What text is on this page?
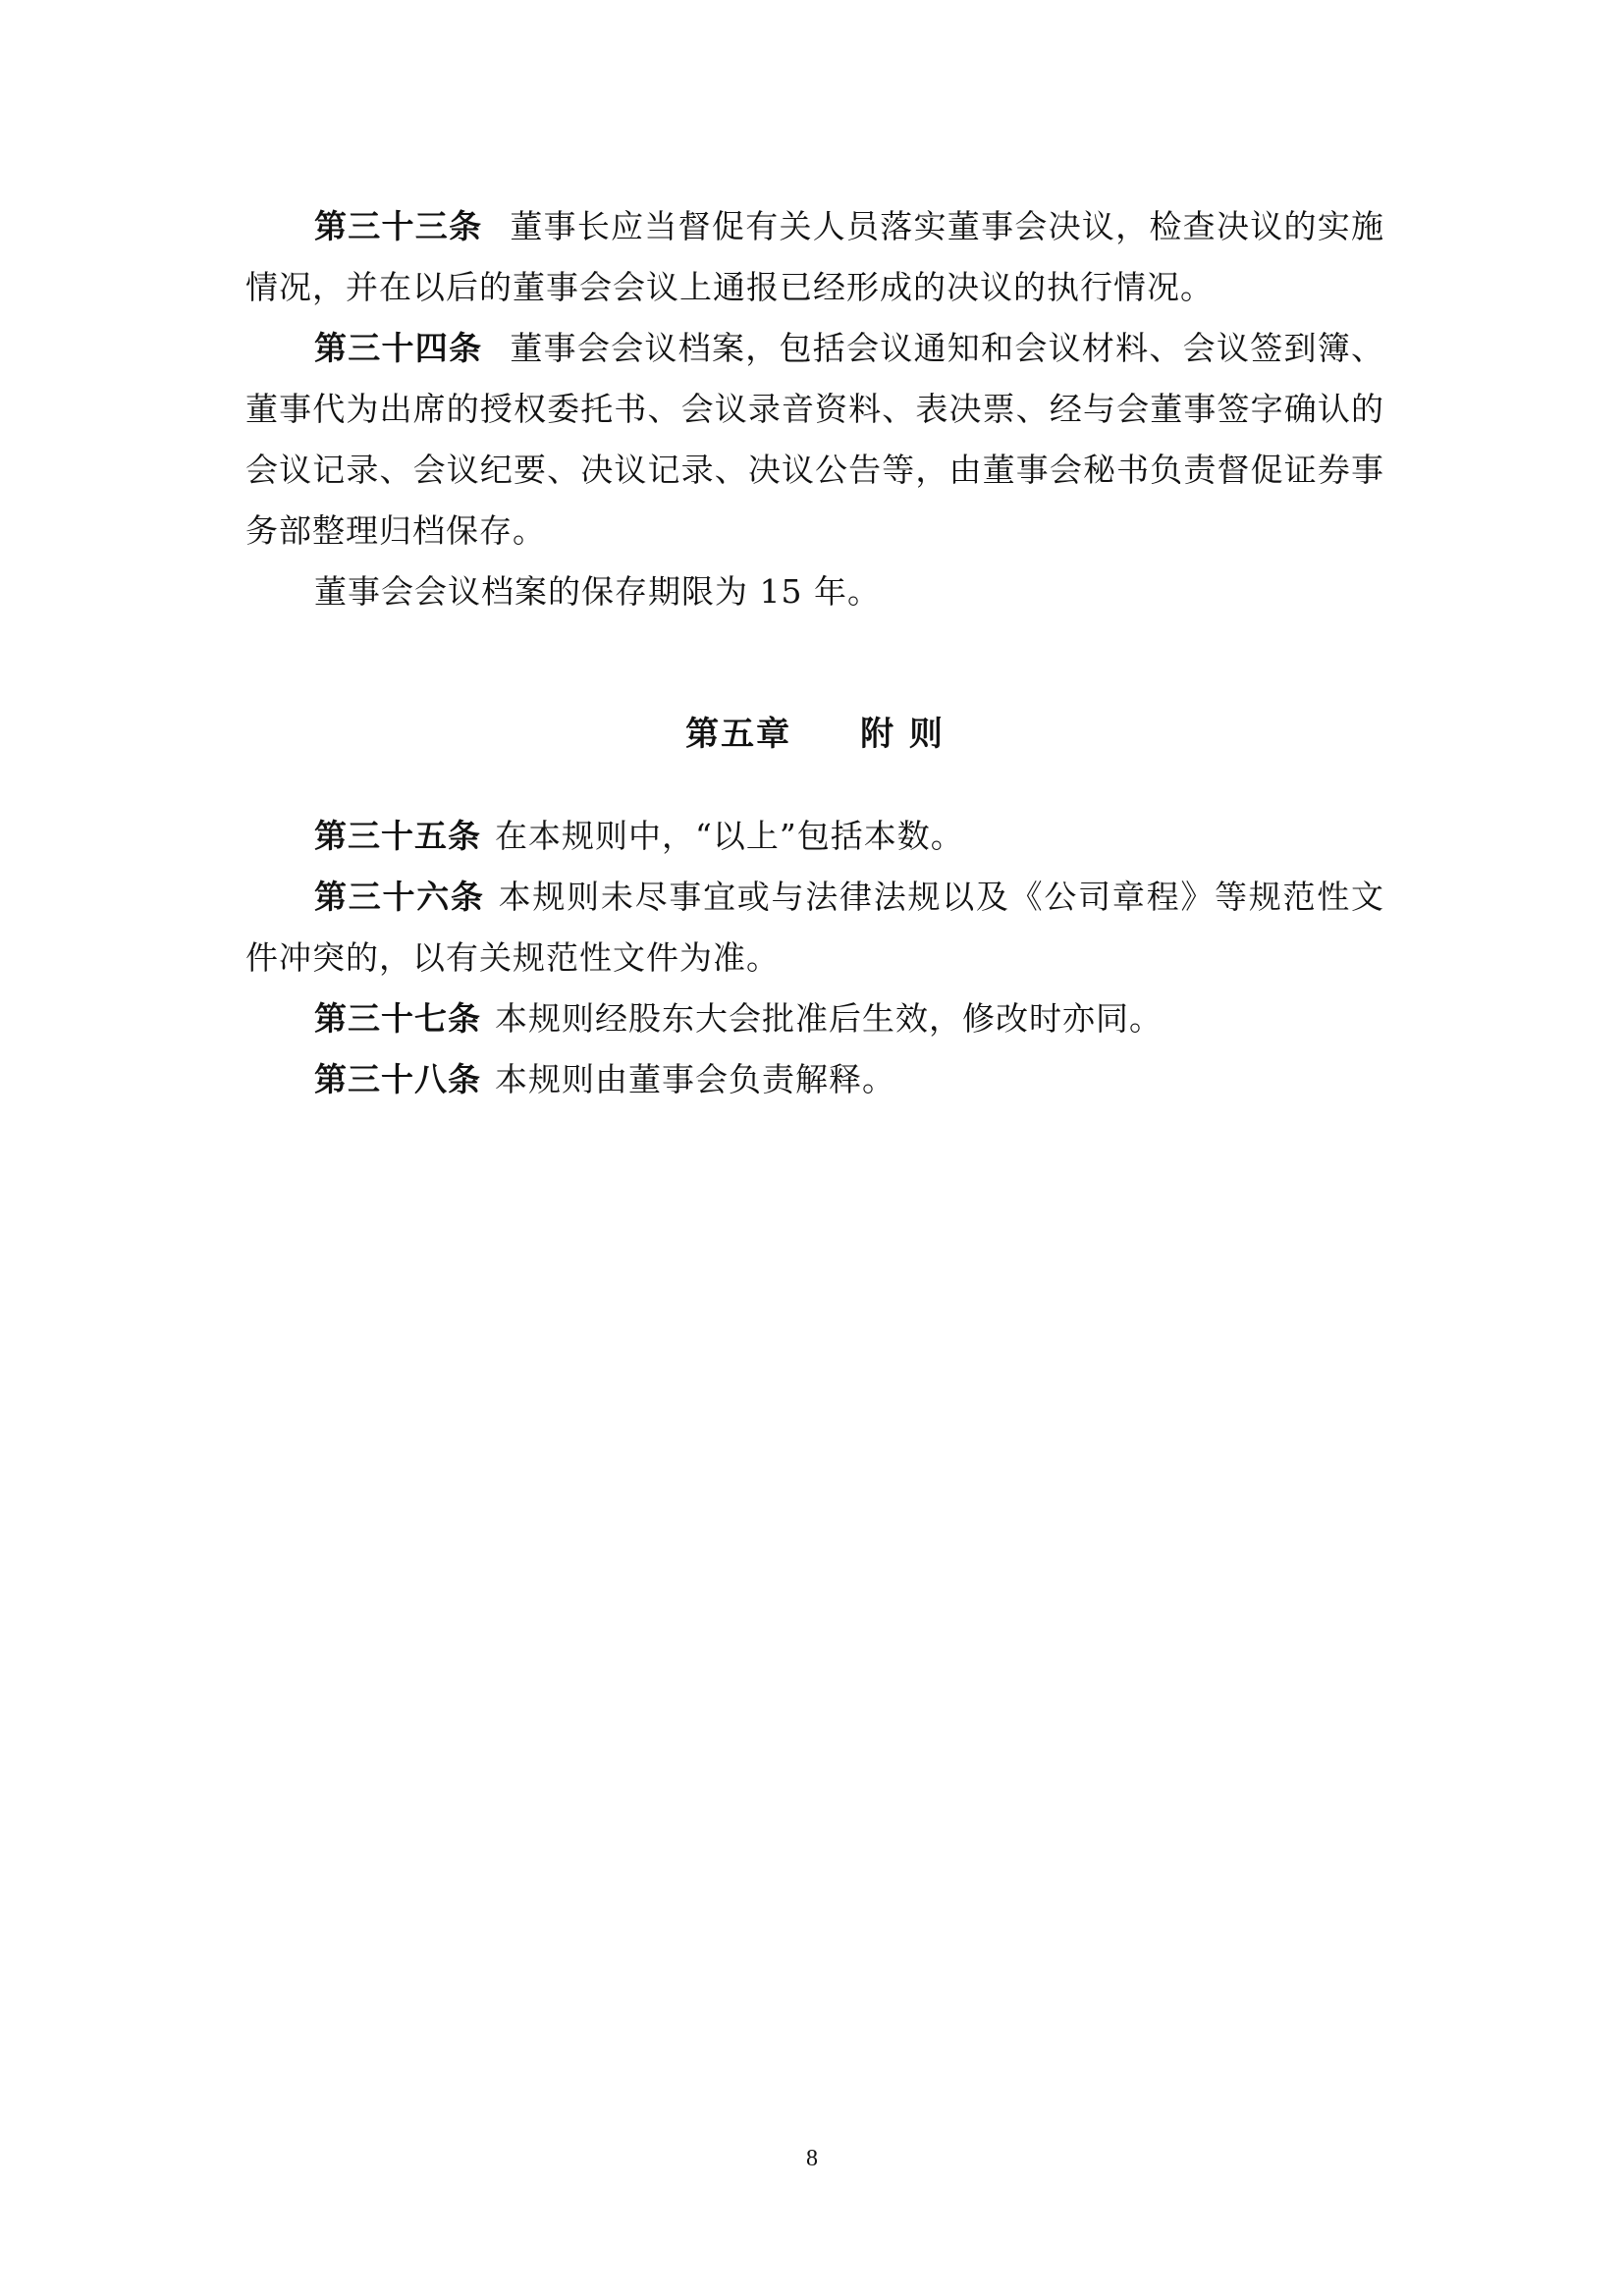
第三十三条 董事长应当督促有关人员落实董事会决议，检查决议的实施情况，并在以后的董事会会议上通报已经形成的决议的执行情况。

第三十四条 董事会会议档案，包括会议通知和会议材料、会议签到簿、董事代为出席的授权委托书、会议录音资料、表决票、经与会董事签字确认的会议记录、会议纪要、决议记录、决议公告等，由董事会秘书负责督促证券事务部整理归档保存。

董事会会议档案的保存期限为 15 年。

第五章 附 则

第三十五条 在本规则中，“以上”包括本数。

第三十六条 本规则未尽事宜或与法律法规以及《公司章程》等规范性文件冲突的，以有关规范性文件为准。

第三十七条 本规则经股东大会批准后生效，修改时亦同。

第三十八条 本规则由董事会负责解释。

8
